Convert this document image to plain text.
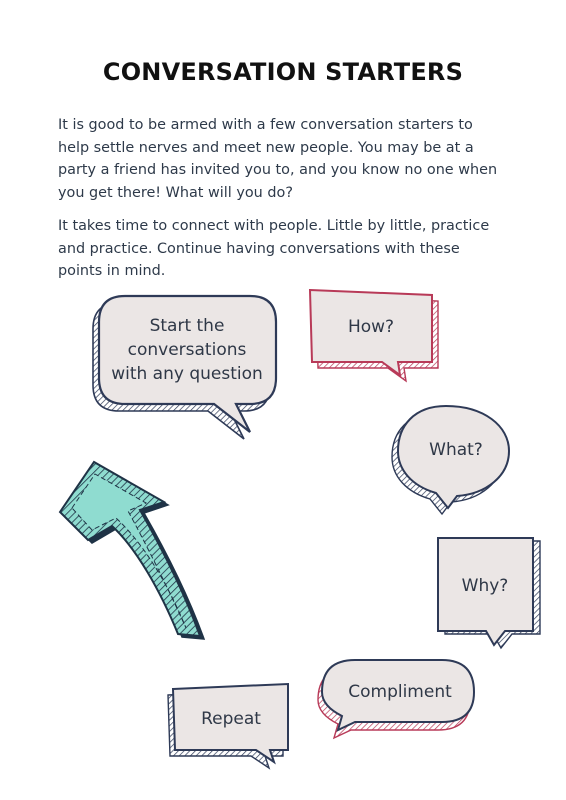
CONVERSATION STARTERS
It is good to be armed with a few conversation starters to help settle nerves and meet new people. You may be at a party a friend has invited you to, and you know no one when you get there! What will you do?
It takes time to connect with people. Little by little, practice and practice. Continue having conversations with these points in mind.
Start the conversations with any question
How?
What?
Why?
Compliment
Repeat
